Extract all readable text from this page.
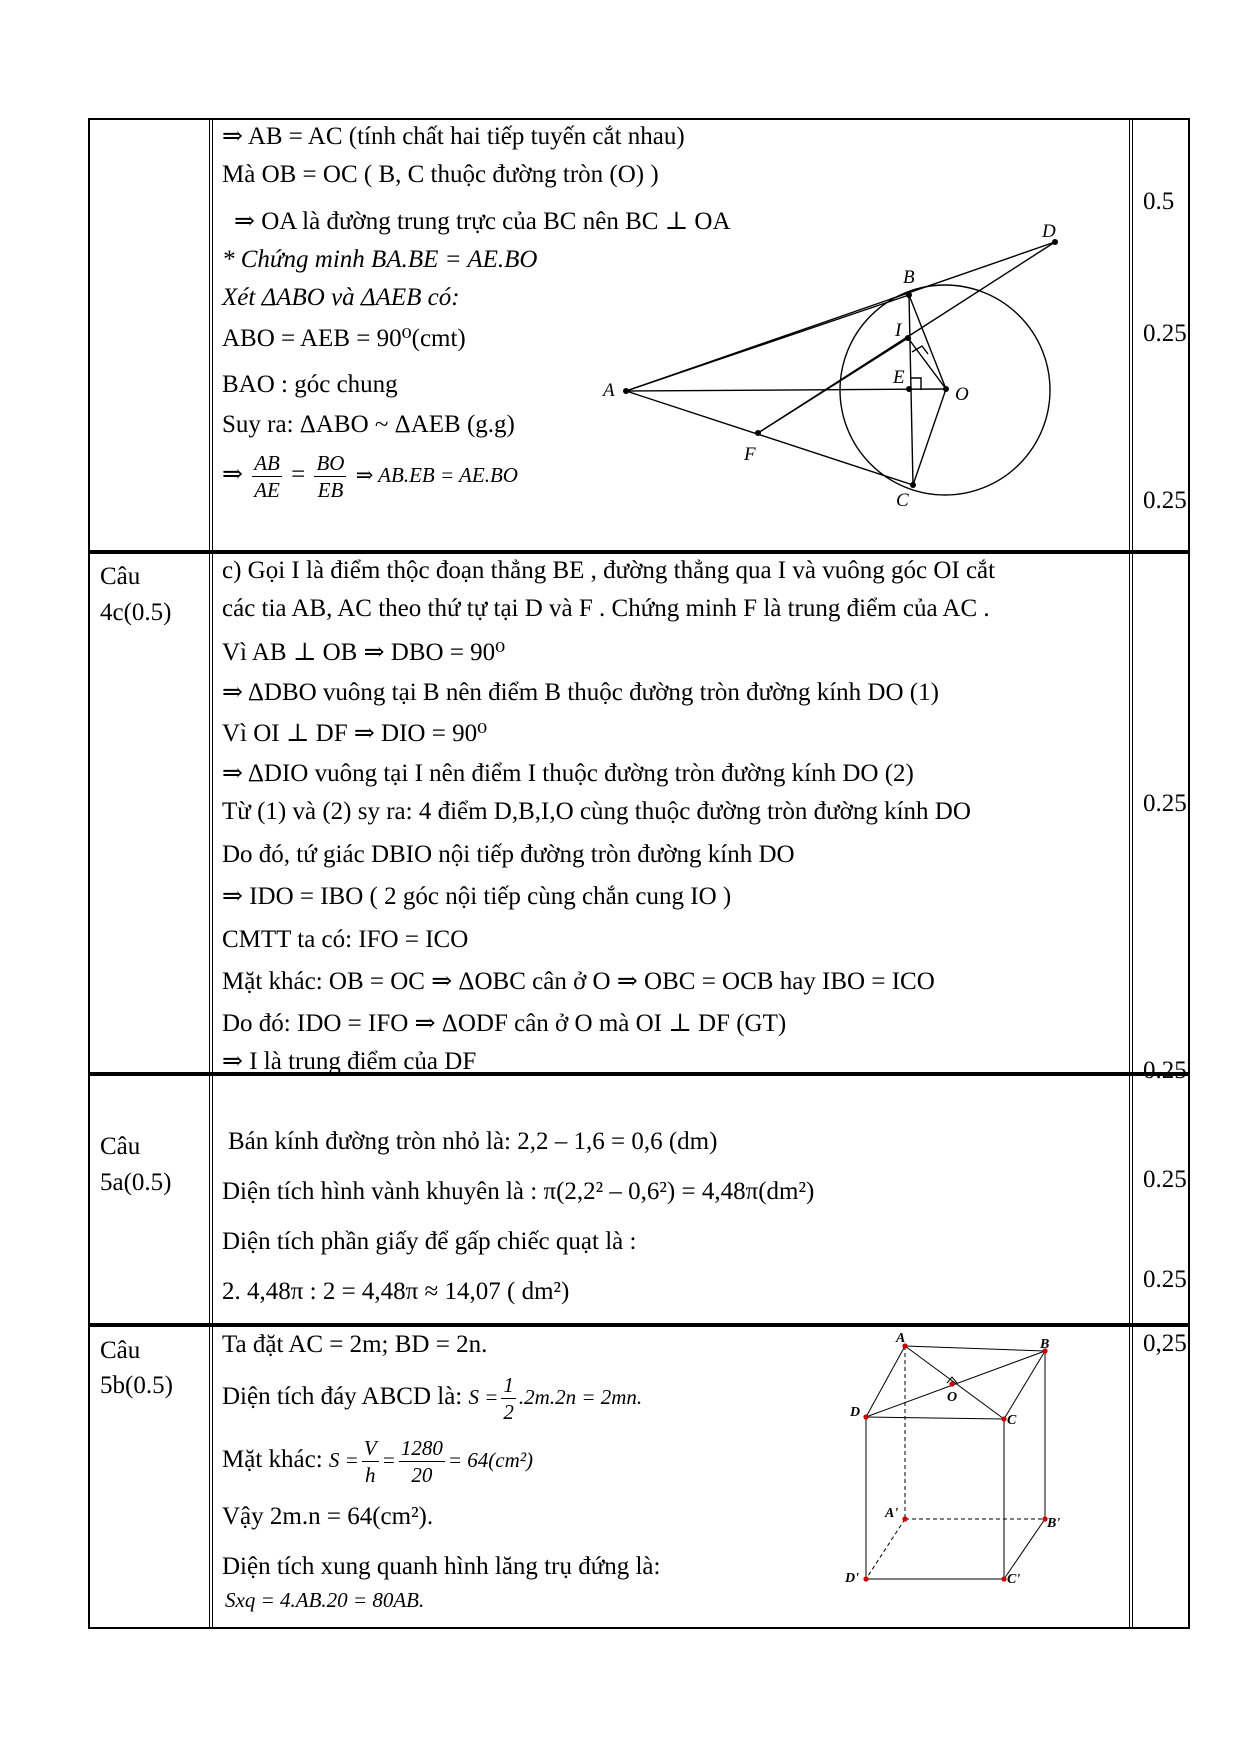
⇒ AB = AC (tính chất hai tiếp tuyến cắt nhau)
Mà OB = OC ( B, C thuộc đường tròn (O) )
⇒ OA là đường trung trực của BC nên BC ⊥ OA
* Chứng minh BA.BE = AE.BO
Xét ΔABO và ΔAEB có:
ABO = AEB = 90⁰(cmt)
BAO : góc chung
Suy ra: ΔABO ~ ΔAEB (g.g)
⇒ $\frac{AB}{AE} = \frac{BO}{EB}$ ⇒ AB.EB = AE.BO
0.5
0.25
0.25
D
B
I
A
E
O
F
C
Câu
4c(0.5)
c) Gọi I là điểm thộc đoạn thẳng BE , đường thẳng qua I và vuông góc OI cắt
các tia AB, AC theo thứ tự tại D và F . Chứng minh F là trung điểm của AC .
Vì AB ⊥ OB ⇒ DBO = 90⁰
⇒ ΔDBO vuông tại B nên điểm B thuộc đường tròn đường kính DO (1)
Vì OI ⊥ DF ⇒ DIO = 90⁰
⇒ ΔDIO vuông tại I nên điểm I thuộc đường tròn đường kính DO (2)
Từ (1) và (2) sy ra: 4 điểm D,B,I,O cùng thuộc đường tròn đường kính DO
Do đó, tứ giác DBIO nội tiếp đường tròn đường kính DO
⇒ IDO = IBO ( 2 góc nội tiếp cùng chắn cung IO )
CMTT ta có: IFO = ICO
Mặt khác: OB = OC ⇒ ΔOBC cân ở O ⇒ OBC = OCB hay IBO = ICO
Do đó: IDO = IFO ⇒ ΔODF cân ở O mà OI ⊥ DF (GT)
⇒ I là trung điểm của DF
0.25
0.25
Câu
5a(0.5)
Bán kính đường tròn nhỏ là: 2,2 – 1,6 = 0,6 (dm)
Diện tích hình vành khuyên là : π(2,2² – 0,6²) = 4,48π(dm²)
Diện tích phần giấy để gấp chiếc quạt là :
2. 4,48π : 2 = 4,48π ≈ 14,07 ( dm²)
0.25
0.25
Câu
5b(0.5)
Ta đặt AC = 2m; BD = 2n.
Diện tích đáy ABCD là: $S = \frac{1}{2} .2m.2n = 2mn$.
Mặt khác: $S = \frac{V}{h} = \frac{1280}{20} = 64(cm^2)$
Vậy 2m.n = 64(cm²).
Diện tích xung quanh hình lăng trụ đứng là:
Sxq = 4.AB.20 = 80AB.
0,25
A	B
O
D
C
A'
B'
D'	C'
